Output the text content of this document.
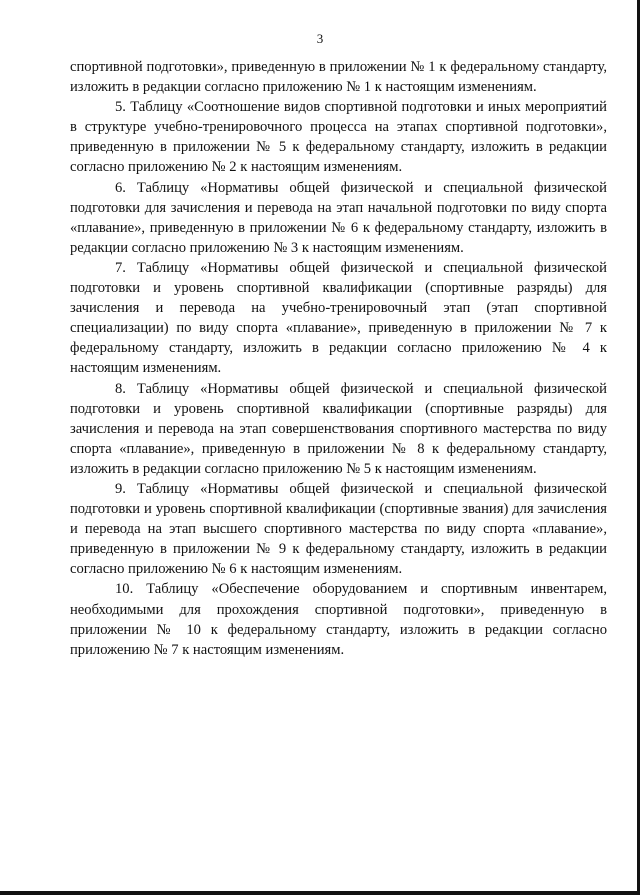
3

спортивной подготовки», приведенную в приложении № 1 к федеральному стандарту, изложить в редакции согласно приложению № 1 к настоящим изменениям.

5. Таблицу «Соотношение видов спортивной подготовки и иных мероприятий в структуре учебно-тренировочного процесса на этапах спортивной подготовки», приведенную в приложении № 5 к федеральному стандарту, изложить в редакции согласно приложению № 2 к настоящим изменениям.

6. Таблицу «Нормативы общей физической и специальной физической подготовки для зачисления и перевода на этап начальной подготовки по виду спорта «плавание», приведенную в приложении № 6 к федеральному стандарту, изложить в редакции согласно приложению № 3 к настоящим изменениям.

7. Таблицу «Нормативы общей физической и специальной физической подготовки и уровень спортивной квалификации (спортивные разряды) для зачисления и перевода на учебно-тренировочный этап (этап спортивной специализации) по виду спорта «плавание», приведенную в приложении № 7 к федеральному стандарту, изложить в редакции согласно приложению № 4 к настоящим изменениям.

8. Таблицу «Нормативы общей физической и специальной физической подготовки и уровень спортивной квалификации (спортивные разряды) для зачисления и перевода на этап совершенствования спортивного мастерства по виду спорта «плавание», приведенную в приложении № 8 к федеральному стандарту, изложить в редакции согласно приложению № 5 к настоящим изменениям.

9. Таблицу «Нормативы общей физической и специальной физической подготовки и уровень спортивной квалификации (спортивные звания) для зачисления и перевода на этап высшего спортивного мастерства по виду спорта «плавание», приведенную в приложении № 9 к федеральному стандарту, изложить в редакции согласно приложению № 6 к настоящим изменениям.

10. Таблицу «Обеспечение оборудованием и спортивным инвентарем, необходимыми для прохождения спортивной подготовки», приведенную в приложении № 10 к федеральному стандарту, изложить в редакции согласно приложению № 7 к настоящим изменениям.
